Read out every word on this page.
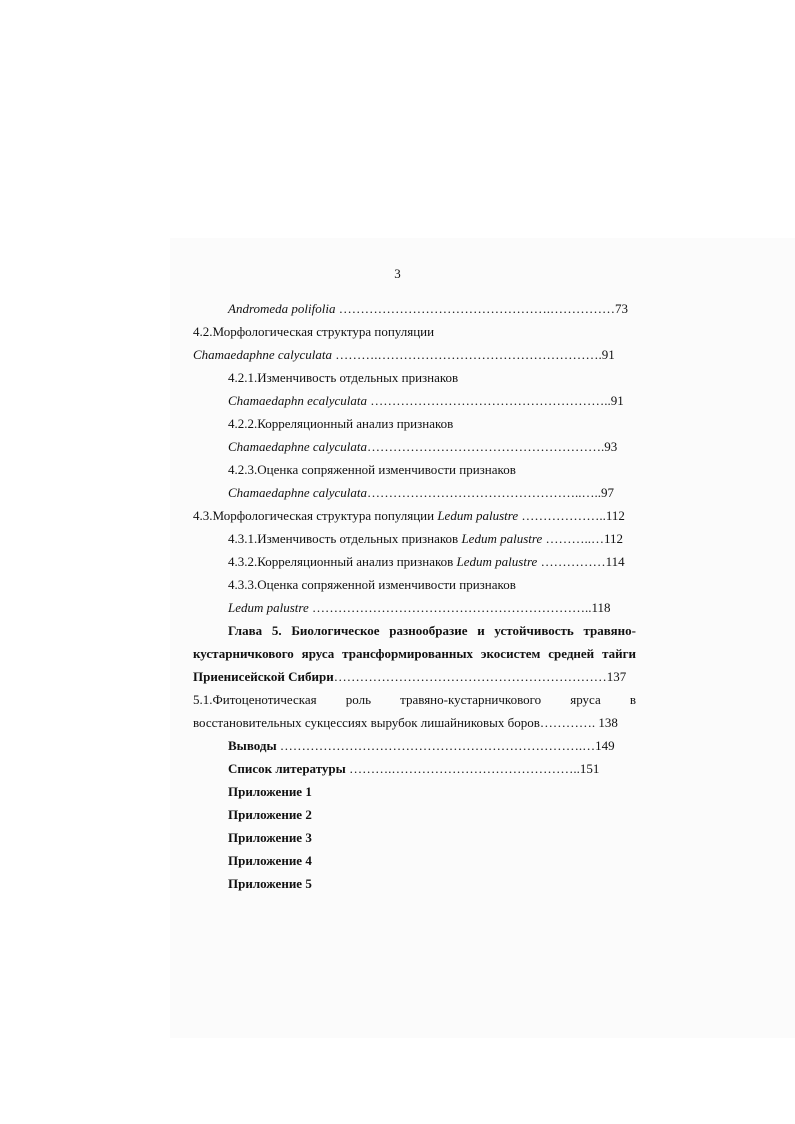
3
Andromeda polifolia ………………………………………….……………73
4.2.Морфологическая структура популяции
Chamaedaphne calyculata ……….…………………………………………….91
4.2.1.Изменчивость отдельных признаков
Chamaedaphn ecalyculata ………………………………………………..91
4.2.2.Корреляционный анализ признаков
Chamaedaphne calyculata……………………………………………….93
4.2.3.Оценка сопряженной изменчивости признаков
Chamaedaphne calyculata…………………………………………..…..97
4.3.Морфологическая структура популяции Ledum palustre ………………..112
4.3.1.Изменчивость отдельных признаков Ledum palustre ………..…112
4.3.2.Корреляционный анализ признаков Ledum palustre ……………114
4.3.3.Оценка сопряженной изменчивости признаков
Ledum palustre ………………………………………………………..118
Глава 5. Биологическое разнообразие и устойчивость травяно-
кустарничкового яруса трансформированных экосистем средней тайги
Приенисейской Сибири………………………………………………………137
5.1.Фитоценотическая роль травяно-кустарничкового яруса в
восстановительных сукцессиях вырубок лишайниковых боров…………. 138
Выводы …………………………………………………………….…149
Список литературы ……….……………………………………..151
Приложение 1
Приложение 2
Приложение 3
Приложение 4
Приложение 5
